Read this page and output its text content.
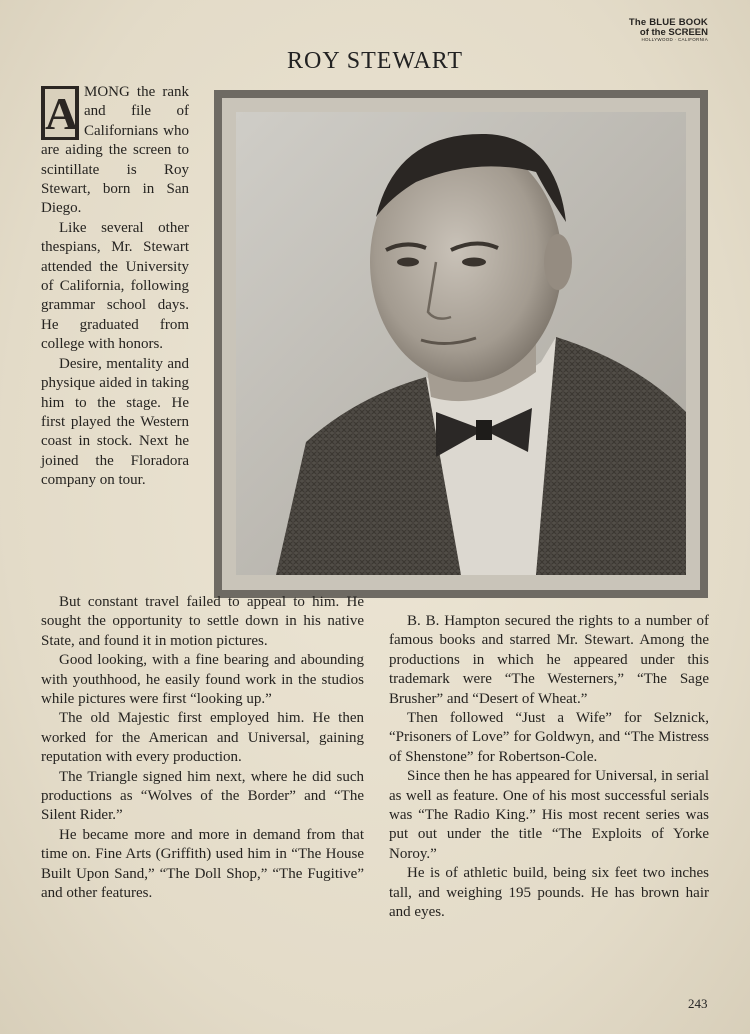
The BLUE BOOK
of the SCREEN
HOLLYWOOD · CALIFORNIA
ROY STEWART
A MONG the rank and file of Californians who are aiding the screen to scintillate is Roy Stewart, born in San Diego.

Like several other thespians, Mr. Stewart attended the University of California, following grammar school days. He graduated from college with honors.

Desire, mentality and physique aided in taking him to the stage. He first played the Western coast in stock. Next he joined the Floradora company on tour.

But constant travel failed to appeal to him. He sought the opportunity to settle down in his native State, and found it in motion pictures.

Good looking, with a fine bearing and abounding with youthhood, he easily found work in the studios while pictures were first “looking up.”

The old Majestic first employed him. He then worked for the American and Universal, gaining reputation with every production.

The Triangle signed him next, where he did such productions as “Wolves of the Border” and “The Silent Rider.”

He became more and more in demand from that time on. Fine Arts (Griffith) used him in “The House Built Upon Sand,” “The Doll Shop,” “The Fugitive” and other features.

B. B. Hampton secured the rights to a number of famous books and starred Mr. Stewart. Among the productions in which he appeared under this trademark were “The Westerners,” “The Sage Brusher” and “Desert of Wheat.”

Then followed “Just a Wife” for Selznick, “Prisoners of Love” for Goldwyn, and “The Mistress of Shenstone” for Robertson-Cole.

Since then he has appeared for Universal, in serial as well as feature. One of his most successful serials was “The Radio King.” His most recent series was put out under the title “The Exploits of Yorke Noroy.”

He is of athletic build, being six feet two inches tall, and weighing 195 pounds. He has brown hair and eyes.

243
